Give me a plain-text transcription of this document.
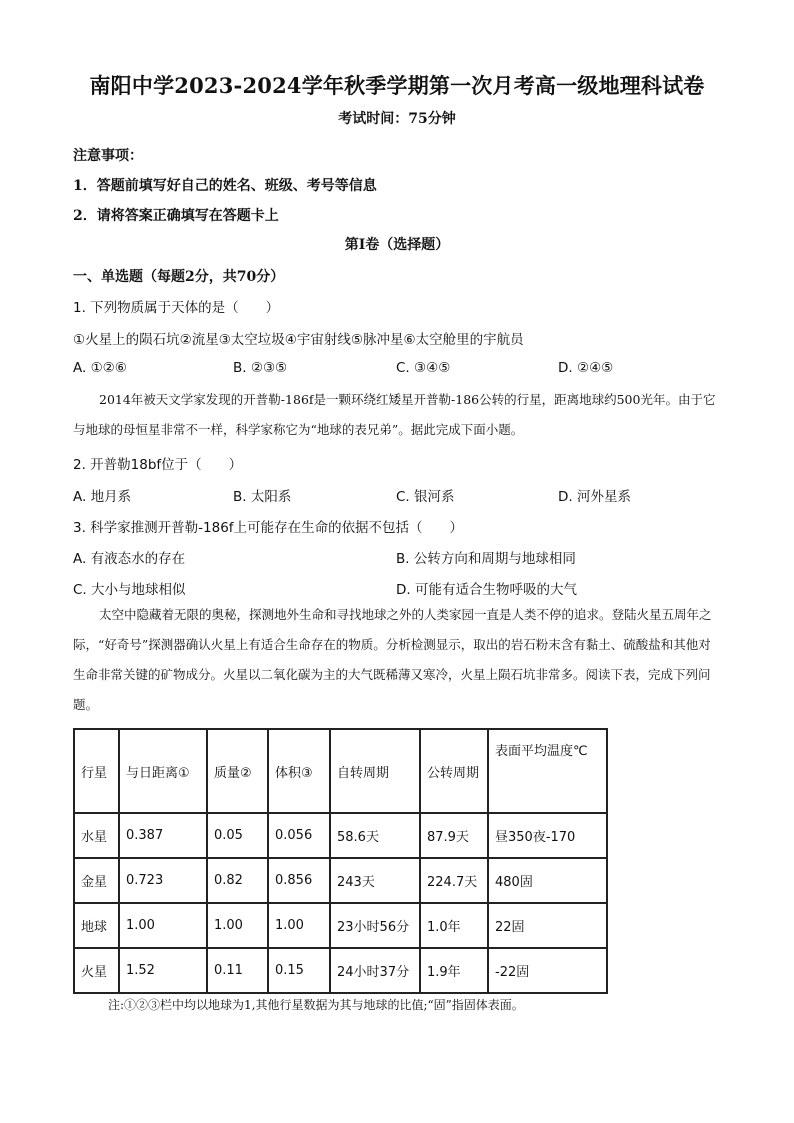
南阳中学2023-2024学年秋季学期第一次月考高一级地理科试卷
考试时间：75分钟
注意事项：
1．答题前填写好自己的姓名、班级、考号等信息
2．请将答案正确填写在答题卡上
第I卷（选择题）
一、单选题（每题2分，共70分）
1. 下列物质属于天体的是（　　）
①火星上的陨石坑②流星③太空垃圾④宇宙射线⑤脉冲星⑥太空舱里的宇航员
A. ①②⑥	B. ②③⑤	C. ③④⑤	D. ②④⑤
2014年被天文学家发现的开普勒-186f是一颗环绕红矮星开普勒-186公转的行星，距离地球约500光年。由于它与地球的母恒星非常不一样，科学家称它为“地球的表兄弟”。据此完成下面小题。
2. 开普勒18bf位于（　　）
A. 地月系	B. 太阳系	C. 银河系	D. 河外星系
3. 科学家推测开普勒-186f上可能存在生命的依据不包括（　　）
A. 有液态水的存在	B. 公转方向和周期与地球相同
C. 大小与地球相似	D. 可能有适合生物呼吸的大气
太空中隐藏着无限的奥秘，探测地外生命和寻找地球之外的人类家园一直是人类不停的追求。登陆火星五周年之际，“好奇号”探测器确认火星上有适合生命存在的物质。分析检测显示，取出的岩石粉末含有黏土、硫酸盐和其他对生命非常关键的矿物成分。火星以二氧化碳为主的大气既稀薄又寒冷，火星上陨石坑非常多。阅读下表，完成下列问题。
行星	与日距离①	质量②	体积③	自转周期	公转周期	表面平均温度℃
水星	0.387	0.05	0.056	58.6天	87.9天	昼350夜-170
金星	0.723	0.82	0.856	243天	224.7天	480固
地球	1.00	1.00	1.00	23小时56分	1.0年	22固
火星	1.52	0.11	0.15	24小时37分	1.9年	-22固
注:①②③栏中均以地球为1,其他行星数据为其与地球的比值;“固”指固体表面。
